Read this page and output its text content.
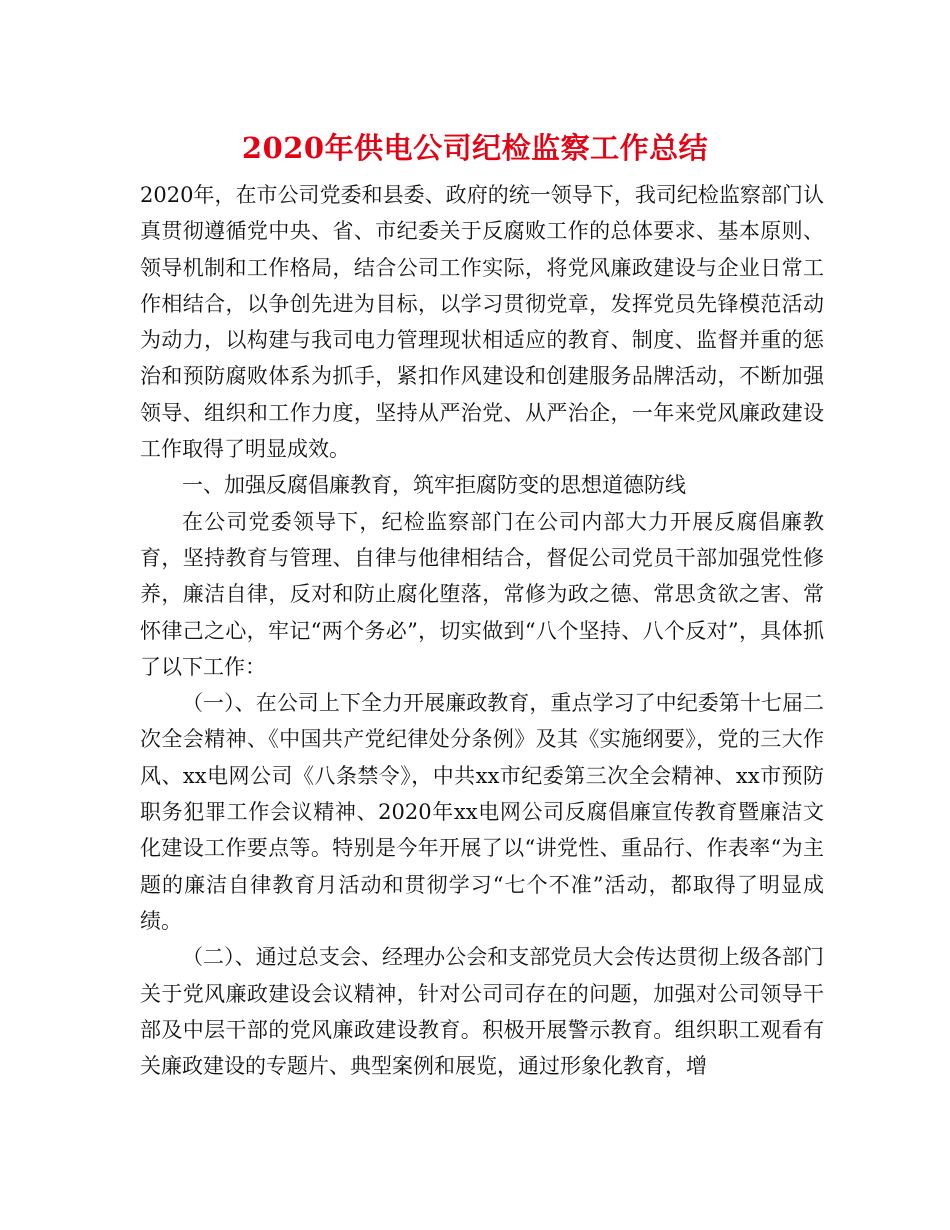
2020年供电公司纪检监察工作总结

2020年，在市公司党委和县委、政府的统一领导下，我司纪检监察部门认真贯彻遵循党中央、省、市纪委关于反腐败工作的总体要求、基本原则、领导机制和工作格局，结合公司工作实际，将党风廉政建设与企业日常工作相结合，以争创先进为目标，以学习贯彻党章，发挥党员先锋模范活动为动力，以构建与我司电力管理现状相适应的教育、制度、监督并重的惩治和预防腐败体系为抓手，紧扣作风建设和创建服务品牌活动，不断加强领导、组织和工作力度，坚持从严治党、从严治企，一年来党风廉政建设工作取得了明显成效。

一、加强反腐倡廉教育，筑牢拒腐防变的思想道德防线

在公司党委领导下，纪检监察部门在公司内部大力开展反腐倡廉教育，坚持教育与管理、自律与他律相结合，督促公司党员干部加强党性修养，廉洁自律，反对和防止腐化堕落，常修为政之德、常思贪欲之害、常怀律己之心，牢记“两个务必”，切实做到“八个坚持、八个反对”，具体抓了以下工作：

（一）、在公司上下全力开展廉政教育，重点学习了中纪委第十七届二次全会精神、《中国共产党纪律处分条例》及其《实施纲要》，党的三大作风、xx电网公司《八条禁令》，中共xx市纪委第三次全会精神、xx市预防职务犯罪工作会议精神、2020年xx电网公司反腐倡廉宣传教育暨廉洁文化建设工作要点等。特别是今年开展了以“讲党性、重品行、作表率“为主题的廉洁自律教育月活动和贯彻学习“七个不准”活动，都取得了明显成绩。

（二）、通过总支会、经理办公会和支部党员大会传达贯彻上级各部门关于党风廉政建设会议精神，针对公司司存在的问题，加强对公司领导干部及中层干部的党风廉政建设教育。积极开展警示教育。组织职工观看有关廉政建设的专题片、典型案例和展览，通过形象化教育，增
